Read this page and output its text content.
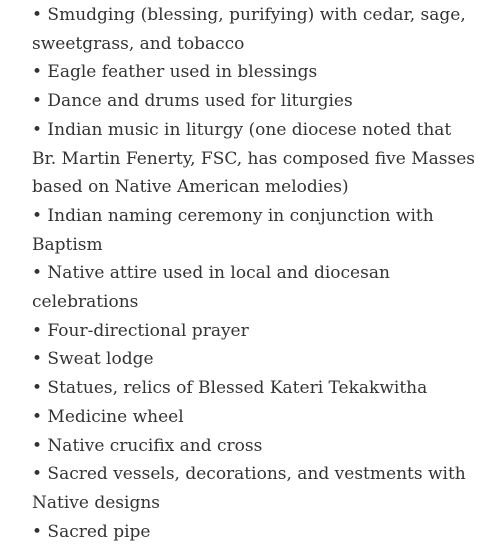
• Smudging (blessing, purifying) with cedar, sage, sweetgrass, and tobacco

• Eagle feather used in blessings

• Dance and drums used for liturgies

• Indian music in liturgy (one diocese noted that Br. Martin Fenerty, FSC, has composed five Masses based on Native American melodies)

• Indian naming ceremony in conjunction with Baptism

• Native attire used in local and diocesan celebrations

• Four-directional prayer

• Sweat lodge

• Statues, relics of Blessed Kateri Tekakwitha

• Medicine wheel

• Native crucifix and cross

• Sacred vessels, decorations, and vestments with Native designs

• Sacred pipe
